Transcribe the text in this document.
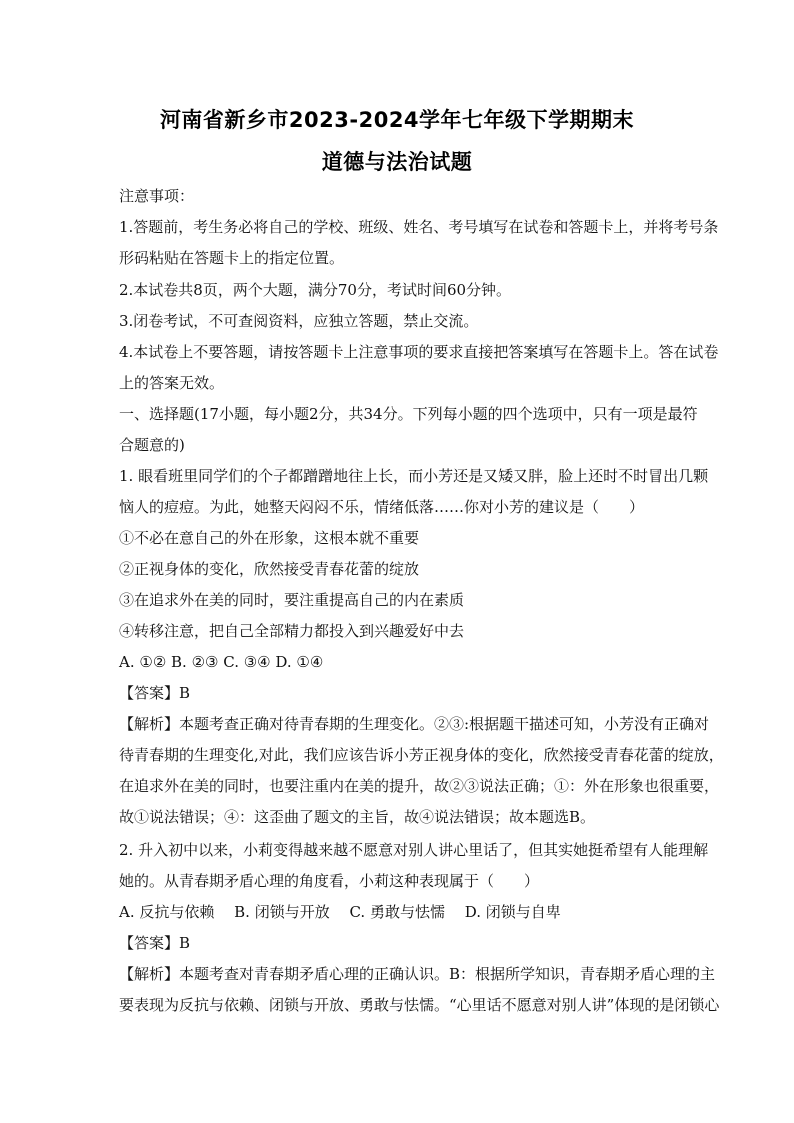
河南省新乡市2023-2024学年七年级下学期期末
道德与法治试题
注意事项：
1.答题前，考生务必将自己的学校、班级、姓名、考号填写在试卷和答题卡上，并将考号条
形码粘贴在答题卡上的指定位置。
2.本试卷共8页，两个大题，满分70分，考试时间60分钟。
3.闭卷考试，不可查阅资料，应独立答题，禁止交流。
4.本试卷上不要答题，请按答题卡上注意事项的要求直接把答案填写在答题卡上。答在试卷
上的答案无效。
一、选择题(17小题，每小题2分，共34分。下列每小题的四个选项中，只有一项是最符
合题意的)
1. 眼看班里同学们的个子都蹭蹭地往上长，而小芳还是又矮又胖，脸上还时不时冒出几颗
恼人的痘痘。为此，她整天闷闷不乐，情绪低落……你对小芳的建议是（　　）
①不必在意自己的外在形象，这根本就不重要
②正视身体的变化，欣然接受青春花蕾的绽放
③在追求外在美的同时，要注重提高自己的内在素质
④转移注意，把自己全部精力都投入到兴趣爱好中去
A. ①② B. ②③ C. ③④ D. ①④
【答案】B
【解析】本题考查正确对待青春期的生理变化。②③:根据题干描述可知，小芳没有正确对
待青春期的生理变化,对此，我们应该告诉小芳正视身体的变化，欣然接受青春花蕾的绽放，
在追求外在美的同时，也要注重内在美的提升，故②③说法正确；①：外在形象也很重要，
故①说法错误；④：这歪曲了题文的主旨，故④说法错误；故本题选B。
2. 升入初中以来，小莉变得越来越不愿意对别人讲心里话了，但其实她挺希望有人能理解
她的。从青春期矛盾心理的角度看，小莉这种表现属于（　　）
A. 反抗与依赖　 B. 闭锁与开放　 C. 勇敢与怯懦　 D. 闭锁与自卑
【答案】B
【解析】本题考查对青春期矛盾心理的正确认识。B：根据所学知识，青春期矛盾心理的主
要表现为反抗与依赖、闭锁与开放、勇敢与怯懦。“心里话不愿意对别人讲”体现的是闭锁心
